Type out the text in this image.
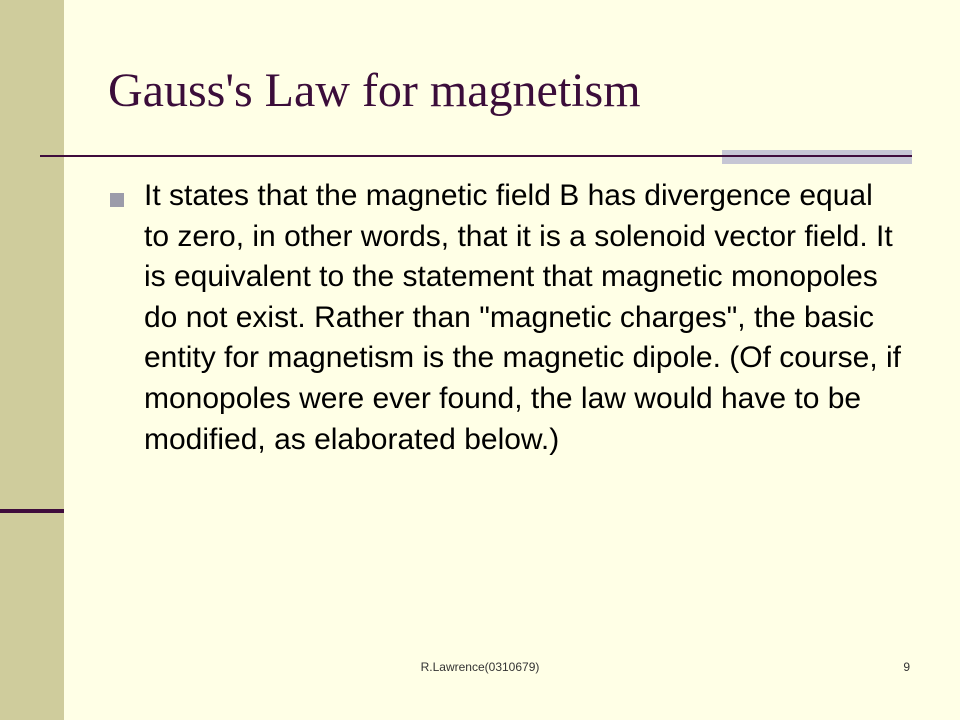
Gauss's Law for magnetism

It states that the magnetic field B has divergence equal to zero, in other words, that it is a solenoid vector field. It is equivalent to the statement that magnetic monopoles do not exist. Rather than "magnetic charges", the basic entity for magnetism is the magnetic dipole. (Of course, if monopoles were ever found, the law would have to be modified, as elaborated below.)

R.Lawrence(0310679)	9
